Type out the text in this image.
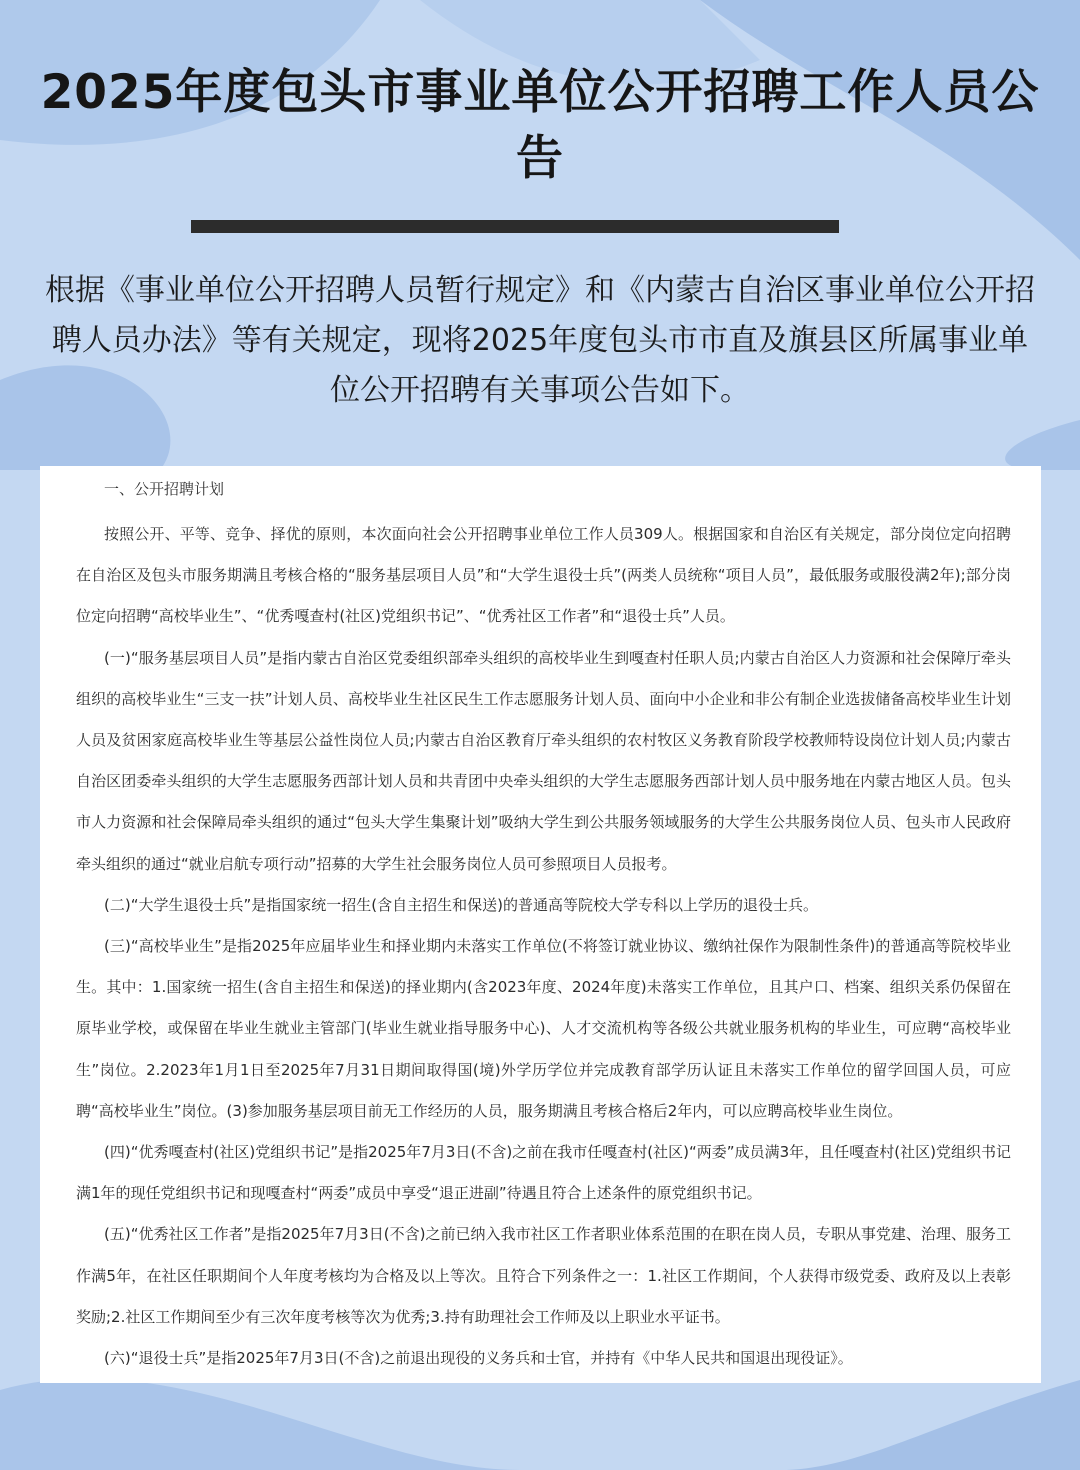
2025年度包头市事业单位公开招聘工作人员公告
根据《事业单位公开招聘人员暂行规定》和《内蒙古自治区事业单位公开招聘人员办法》等有关规定，现将2025年度包头市市直及旗县区所属事业单位公开招聘有关事项公告如下。

一、公开招聘计划

按照公开、平等、竞争、择优的原则，本次面向社会公开招聘事业单位工作人员309人。根据国家和自治区有关规定，部分岗位定向招聘在自治区及包头市服务期满且考核合格的“服务基层项目人员”和“大学生退役士兵”(两类人员统称“项目人员”，最低服务或服役满2年);部分岗位定向招聘“高校毕业生”、“优秀嘎查村(社区)党组织书记”、“优秀社区工作者”和“退役士兵”人员。

(一)“服务基层项目人员”是指内蒙古自治区党委组织部牵头组织的高校毕业生到嘎查村任职人员;内蒙古自治区人力资源和社会保障厅牵头组织的高校毕业生“三支一扶”计划人员、高校毕业生社区民生工作志愿服务计划人员、面向中小企业和非公有制企业选拔储备高校毕业生计划人员及贫困家庭高校毕业生等基层公益性岗位人员;内蒙古自治区教育厅牵头组织的农村牧区义务教育阶段学校教师特设岗位计划人员;内蒙古自治区团委牵头组织的大学生志愿服务西部计划人员和共青团中央牵头组织的大学生志愿服务西部计划人员中服务地在内蒙古地区人员。包头市人力资源和社会保障局牵头组织的通过“包头大学生集聚计划”吸纳大学生到公共服务领域服务的大学生公共服务岗位人员、包头市人民政府牵头组织的通过“就业启航专项行动”招募的大学生社会服务岗位人员可参照项目人员报考。

(二)“大学生退役士兵”是指国家统一招生(含自主招生和保送)的普通高等院校大学专科以上学历的退役士兵。

(三)“高校毕业生”是指2025年应届毕业生和择业期内未落实工作单位(不将签订就业协议、缴纳社保作为限制性条件)的普通高等院校毕业生。其中：1.国家统一招生(含自主招生和保送)的择业期内(含2023年度、2024年度)未落实工作单位，且其户口、档案、组织关系仍保留在原毕业学校，或保留在毕业生就业主管部门(毕业生就业指导服务中心)、人才交流机构等各级公共就业服务机构的毕业生，可应聘“高校毕业生”岗位。2.2023年1月1日至2025年7月31日期间取得国(境)外学历学位并完成教育部学历认证且未落实工作单位的留学回国人员，可应聘“高校毕业生”岗位。(3)参加服务基层项目前无工作经历的人员，服务期满且考核合格后2年内，可以应聘高校毕业生岗位。

(四)“优秀嘎查村(社区)党组织书记”是指2025年7月3日(不含)之前在我市任嘎查村(社区)“两委”成员满3年，且任嘎查村(社区)党组织书记满1年的现任党组织书记和现嘎查村“两委”成员中享受“退正进副”待遇且符合上述条件的原党组织书记。

(五)“优秀社区工作者”是指2025年7月3日(不含)之前已纳入我市社区工作者职业体系范围的在职在岗人员，专职从事党建、治理、服务工作满5年，在社区任职期间个人年度考核均为合格及以上等次。且符合下列条件之一：1.社区工作期间，个人获得市级党委、政府及以上表彰奖励;2.社区工作期间至少有三次年度考核等次为优秀;3.持有助理社会工作师及以上职业水平证书。

(六)“退役士兵”是指2025年7月3日(不含)之前退出现役的义务兵和士官，并持有《中华人民共和国退出现役证》。
